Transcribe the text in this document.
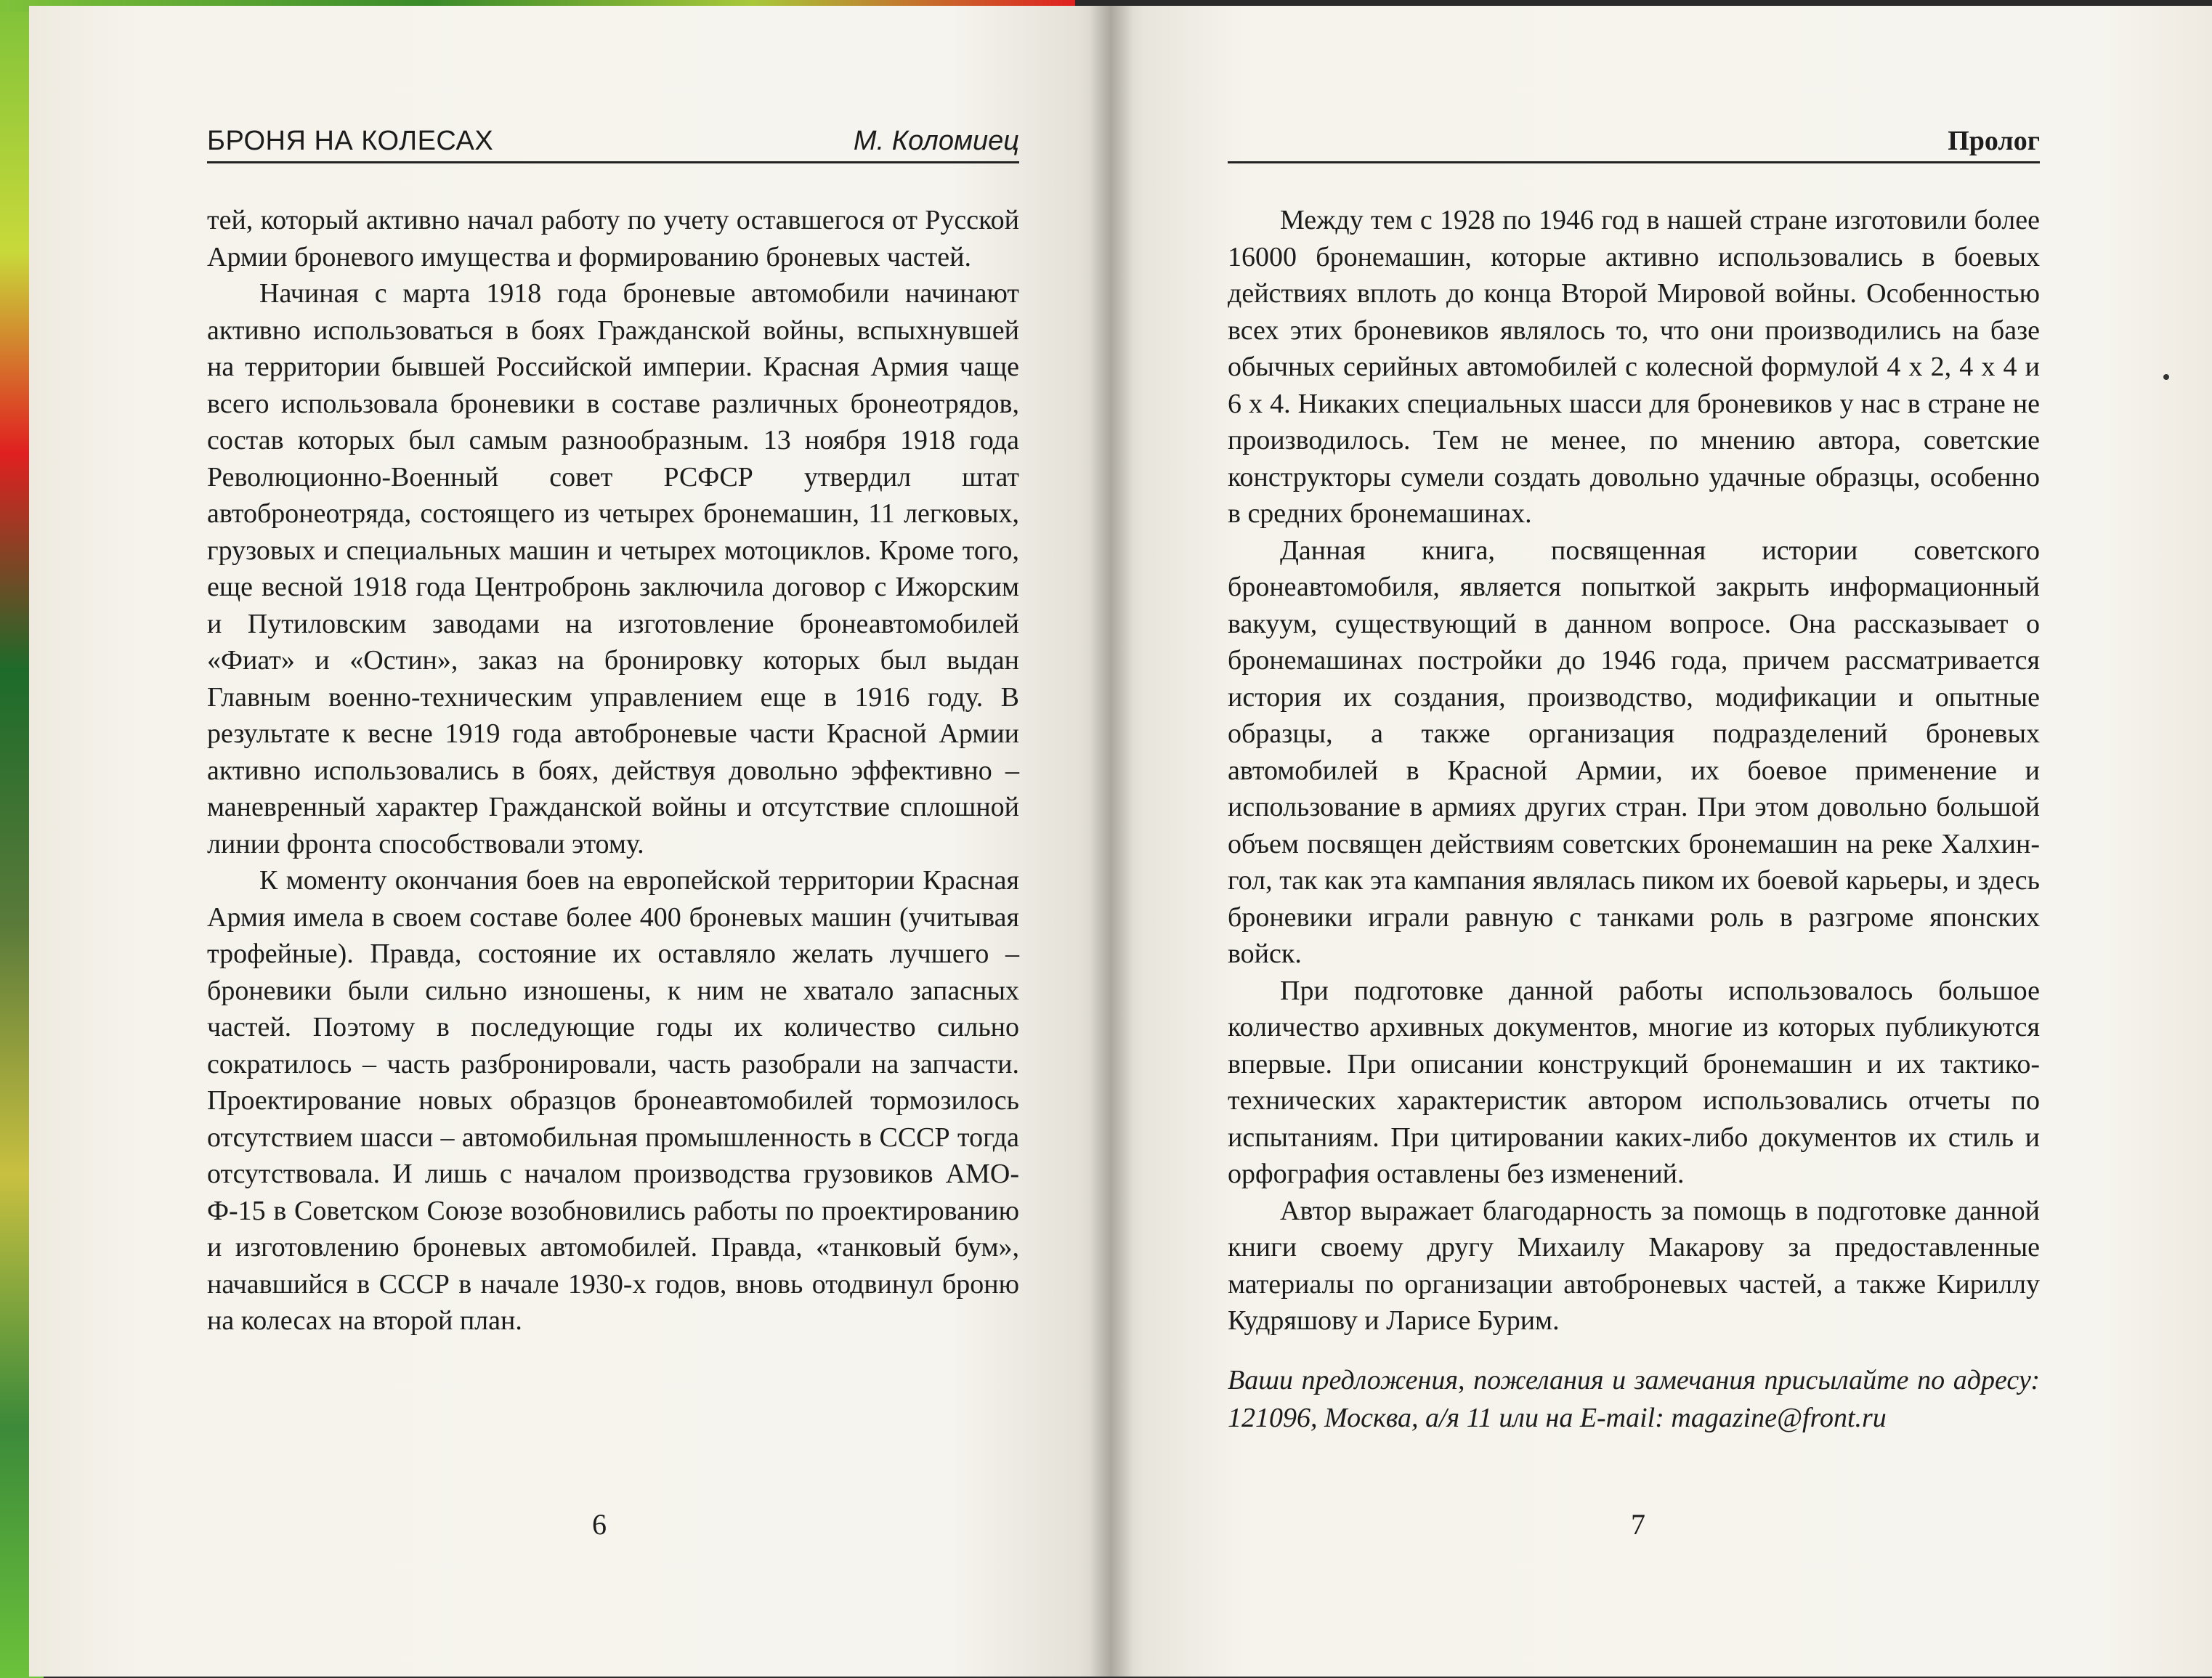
БРОНЯ НА КОЛЕСАХ	М. Коломиец	Пролог

тей, который активно начал работу по учету оставшегося от Русской Армии броневого имущества и формированию броневых частей.

Начиная с марта 1918 года броневые автомобили начинают активно использоваться в боях Гражданской войны, вспыхнувшей на территории бывшей Российской империи. Красная Армия чаще всего использовала броневики в составе различных бронеотрядов, состав которых был самым разнообразным. 13 ноября 1918 года Революционно-Военный совет РСФСР утвердил штат автобронеотряда, состоящего из четырех бронемашин, 11 легковых, грузовых и специальных машин и четырех мотоциклов. Кроме того, еще весной 1918 года Центробронь заключила договор с Ижорским и Путиловским заводами на изготовление бронеавтомобилей «Фиат» и «Остин», заказ на бронировку которых был выдан Главным военно-техническим управлением еще в 1916 году. В результате к весне 1919 года автоброневые части Красной Армии активно использовались в боях, действуя довольно эффективно – маневренный характер Гражданской войны и отсутствие сплошной линии фронта способствовали этому.

К моменту окончания боев на европейской территории Красная Армия имела в своем составе более 400 броневых машин (учитывая трофейные). Правда, состояние их оставляло желать лучшего – броневики были сильно изношены, к ним не хватало запасных частей. Поэтому в последующие годы их количество сильно сократилось – часть разбронировали, часть разобрали на запчасти. Проектирование новых образцов бронеавтомобилей тормозилось отсутствием шасси – автомобильная промышленность в СССР тогда отсутствовала. И лишь с началом производства грузовиков АМО-Ф-15 в Советском Союзе возобновились работы по проектированию и изготовлению броневых автомобилей. Правда, «танковый бум», начавшийся в СССР в начале 1930-х годов, вновь отодвинул броню на колесах на второй план.

Между тем с 1928 по 1946 год в нашей стране изготовили более 16000 бронемашин, которые активно использовались в боевых действиях вплоть до конца Второй Мировой войны. Особенностью всех этих броневиков являлось то, что они производились на базе обычных серийных автомобилей с колесной формулой 4 х 2, 4 х 4 и 6 х 4. Никаких специальных шасси для броневиков у нас в стране не производилось. Тем не менее, по мнению автора, советские конструкторы сумели создать довольно удачные образцы, особенно в средних бронемашинах.

Данная книга, посвященная истории советского бронеавтомобиля, является попыткой закрыть информационный вакуум, существующий в данном вопросе. Она рассказывает о бронемашинах постройки до 1946 года, причем рассматривается история их создания, производство, модификации и опытные образцы, а также организация подразделений броневых автомобилей в Красной Армии, их боевое применение и использование в армиях других стран. При этом довольно большой объем посвящен действиям советских бронемашин на реке Халхин-гол, так как эта кампания являлась пиком их боевой карьеры, и здесь броневики играли равную с танками роль в разгроме японских войск.

При подготовке данной работы использовалось большое количество архивных документов, многие из которых публикуются впервые. При описании конструкций бронемашин и их тактико-технических характеристик автором использовались отчеты по испытаниям. При цитировании каких-либо документов их стиль и орфография оставлены без изменений.

Автор выражает благодарность за помощь в подготовке данной книги своему другу Михаилу Макарову за предоставленные материалы по организации автоброневых частей, а также Кириллу Кудряшову и Ларисе Бурим.

Ваши предложения, пожелания и замечания присылайте по адресу: 121096, Москва, а/я 11 или на E-mail: magazine@front.ru

6	7
